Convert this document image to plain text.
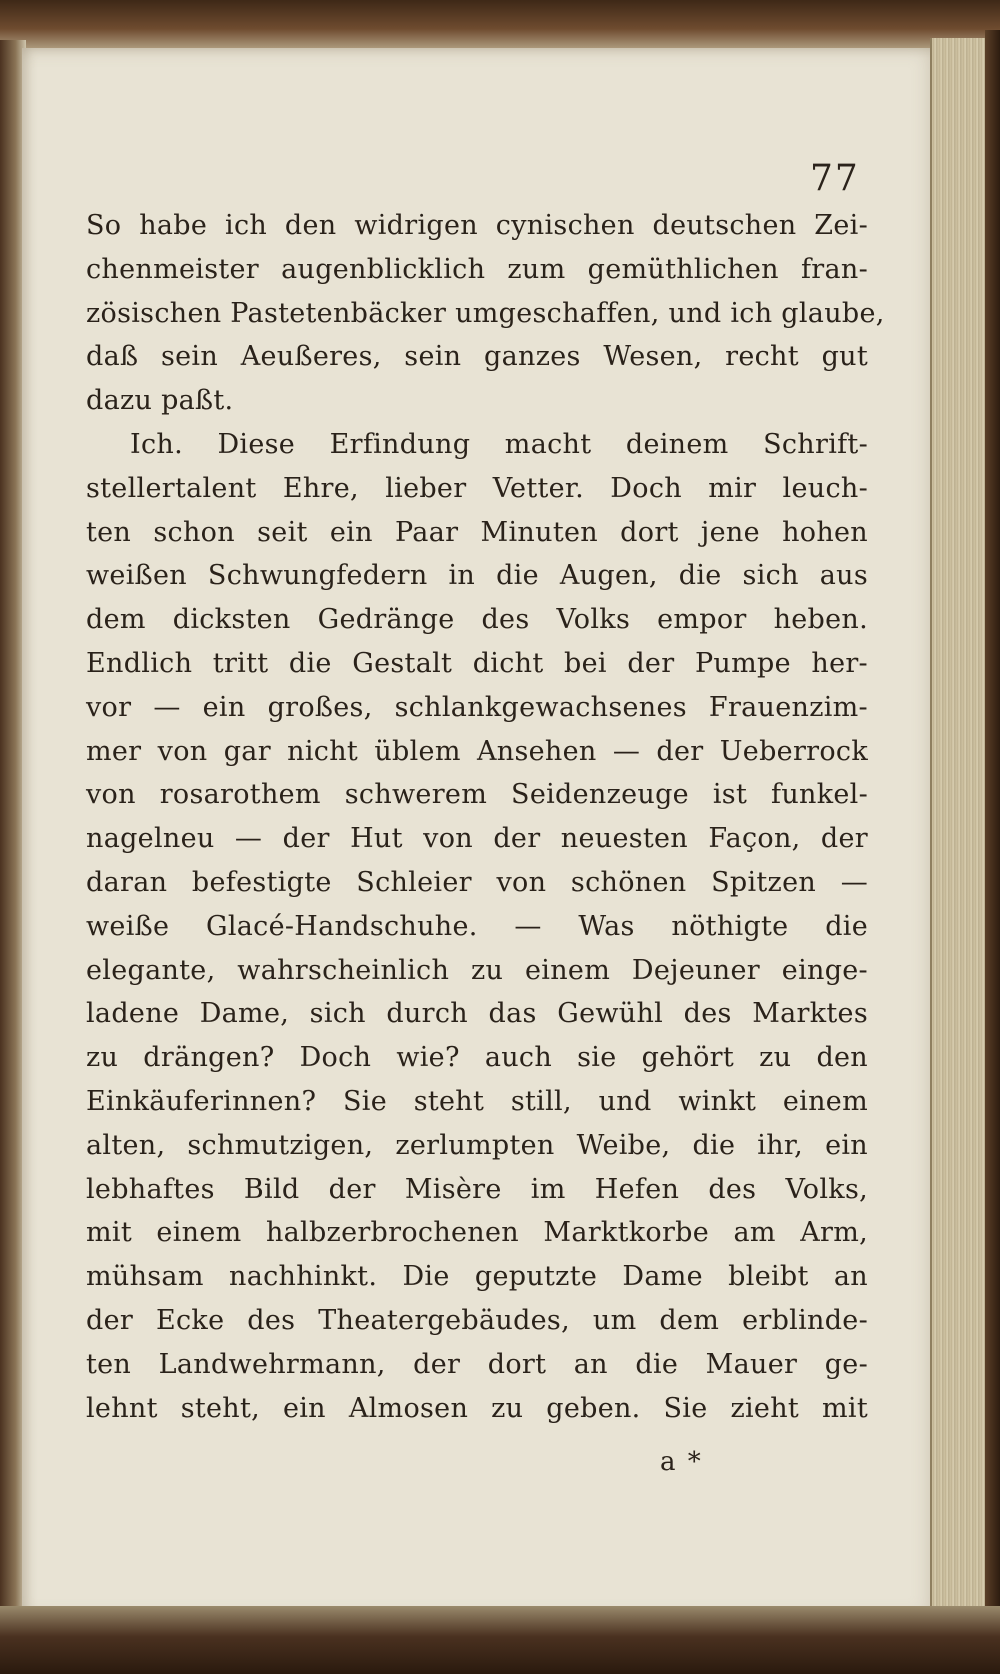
77
So habe ich den widrigen cynischen deutschen Zei-
chenmeister augenblicklich zum gemüthlichen fran-
zösischen Pastetenbäcker umgeschaffen, und ich glaube,
daß sein Aeußeres, sein ganzes Wesen, recht gut
dazu paßt.
Ich. Diese Erfindung macht deinem Schrift-
stellertalent Ehre, lieber Vetter. Doch mir leuch-
ten schon seit ein Paar Minuten dort jene hohen
weißen Schwungfedern in die Augen, die sich aus
dem dicksten Gedränge des Volks empor heben.
Endlich tritt die Gestalt dicht bei der Pumpe her-
vor — ein großes, schlankgewachsenes Frauenzim-
mer von gar nicht üblem Ansehen — der Ueberrock
von rosarothem schwerem Seidenzeuge ist funkel-
nagelneu — der Hut von der neuesten Façon, der
daran befestigte Schleier von schönen Spitzen —
weiße Glacé-Handschuhe. — Was nöthigte die
elegante, wahrscheinlich zu einem Dejeuner einge-
ladene Dame, sich durch das Gewühl des Marktes
zu drängen? Doch wie? auch sie gehört zu den
Einkäuferinnen? Sie steht still, und winkt einem
alten, schmutzigen, zerlumpten Weibe, die ihr, ein
lebhaftes Bild der Misère im Hefen des Volks,
mit einem halbzerbrochenen Marktkorbe am Arm,
mühsam nachhinkt. Die geputzte Dame bleibt an
der Ecke des Theatergebäudes, um dem erblinde-
ten Landwehrmann, der dort an die Mauer ge-
lehnt steht, ein Almosen zu geben. Sie zieht mit
a *
